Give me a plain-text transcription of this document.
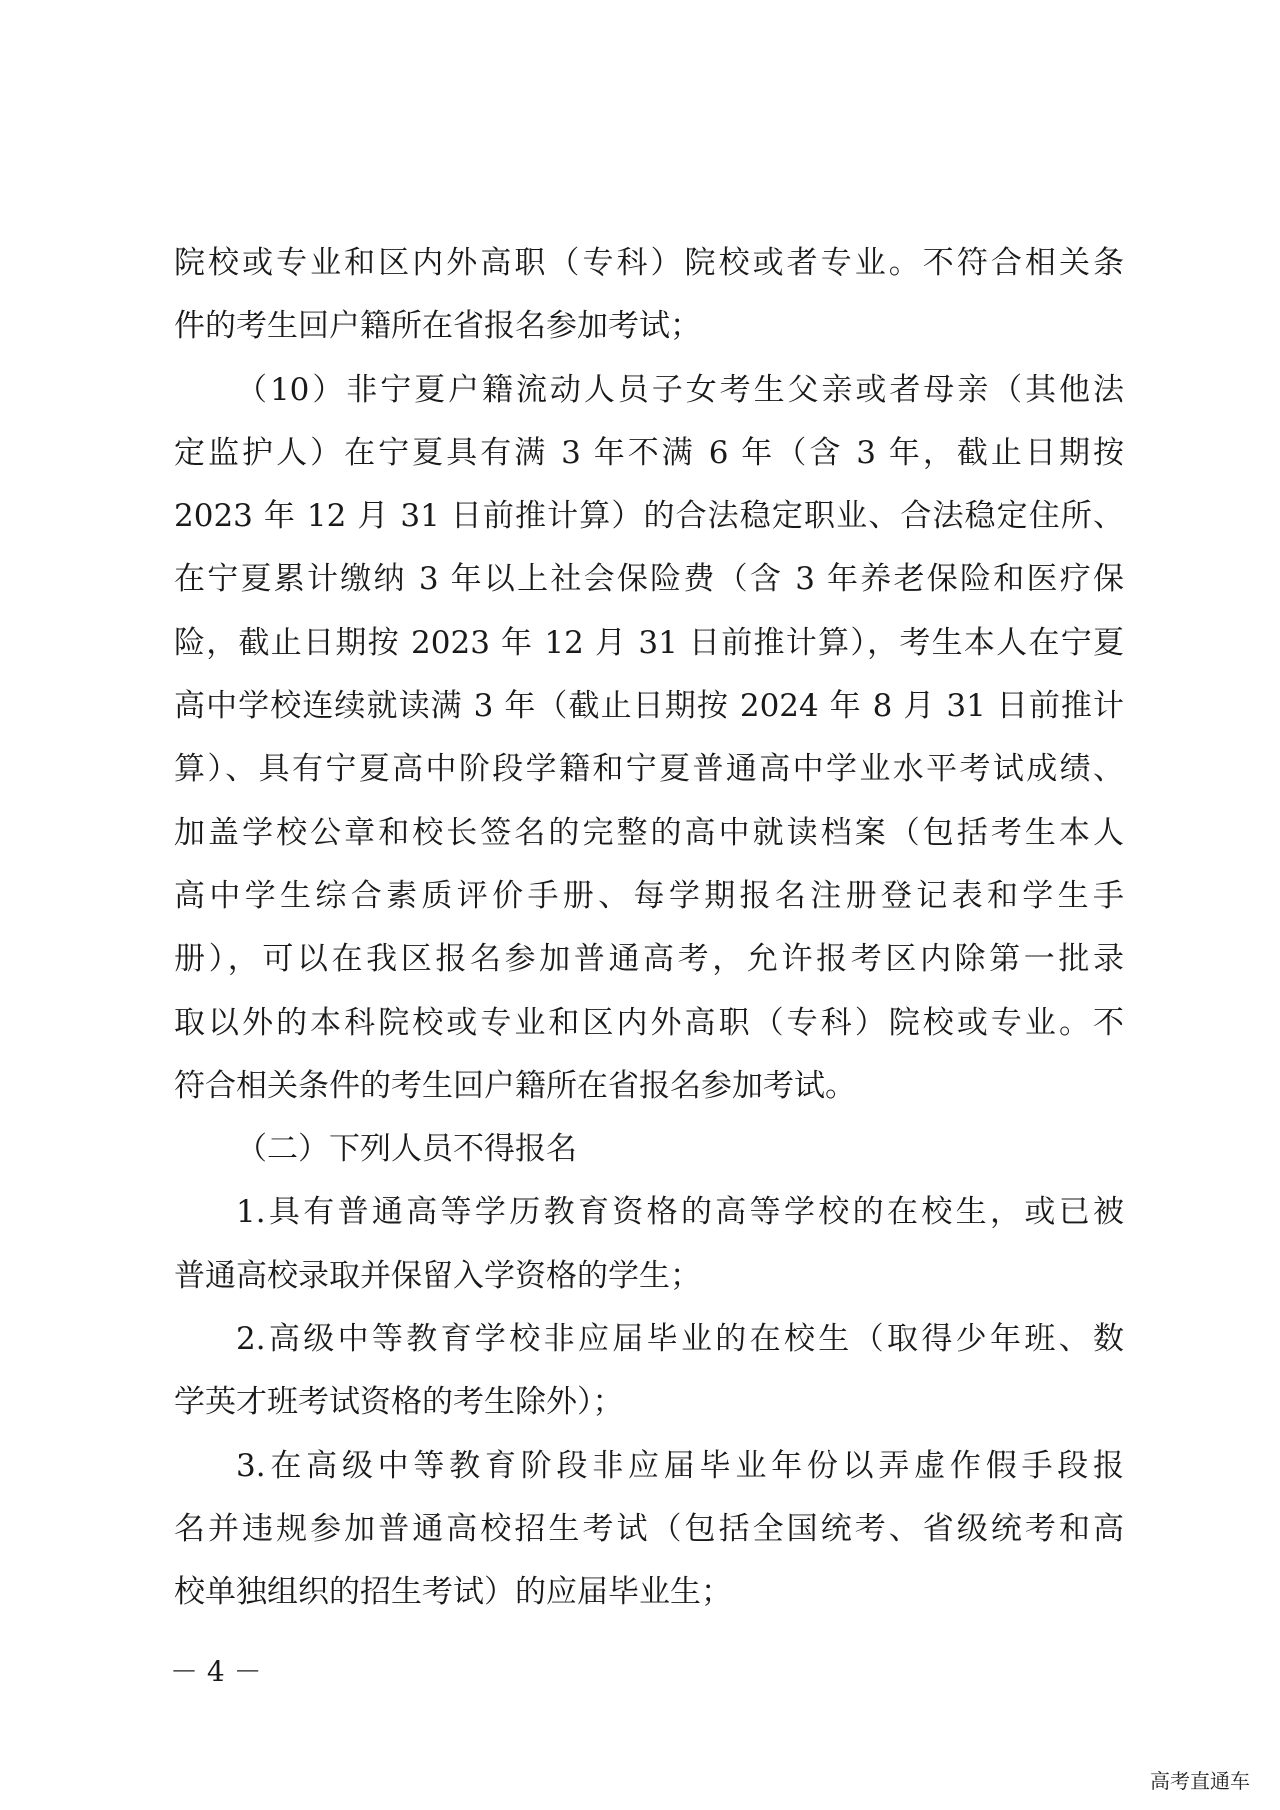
院校或专业和区内外高职（专科）院校或者专业。不符合相关条
件的考生回户籍所在省报名参加考试；
（10）非宁夏户籍流动人员子女考生父亲或者母亲（其他法
定监护人）在宁夏具有满 3 年不满 6 年（含 3 年，截止日期按
2023 年 12 月 31 日前推计算）的合法稳定职业、合法稳定住所、
在宁夏累计缴纳 3 年以上社会保险费（含 3 年养老保险和医疗保
险，截止日期按 2023 年 12 月 31 日前推计算），考生本人在宁夏
高中学校连续就读满 3 年（截止日期按 2024 年 8 月 31 日前推计
算）、具有宁夏高中阶段学籍和宁夏普通高中学业水平考试成绩、
加盖学校公章和校长签名的完整的高中就读档案（包括考生本人
高中学生综合素质评价手册、每学期报名注册登记表和学生手
册），可以在我区报名参加普通高考，允许报考区内除第一批录
取以外的本科院校或专业和区内外高职（专科）院校或专业。不
符合相关条件的考生回户籍所在省报名参加考试。
（二）下列人员不得报名
1.具有普通高等学历教育资格的高等学校的在校生，或已被
普通高校录取并保留入学资格的学生；
2.高级中等教育学校非应届毕业的在校生（取得少年班、数
学英才班考试资格的考生除外）；
3.在高级中等教育阶段非应届毕业年份以弄虚作假手段报
名并违规参加普通高校招生考试（包括全国统考、省级统考和高
校单独组织的招生考试）的应届毕业生；
－ 4 －
高考直通车
